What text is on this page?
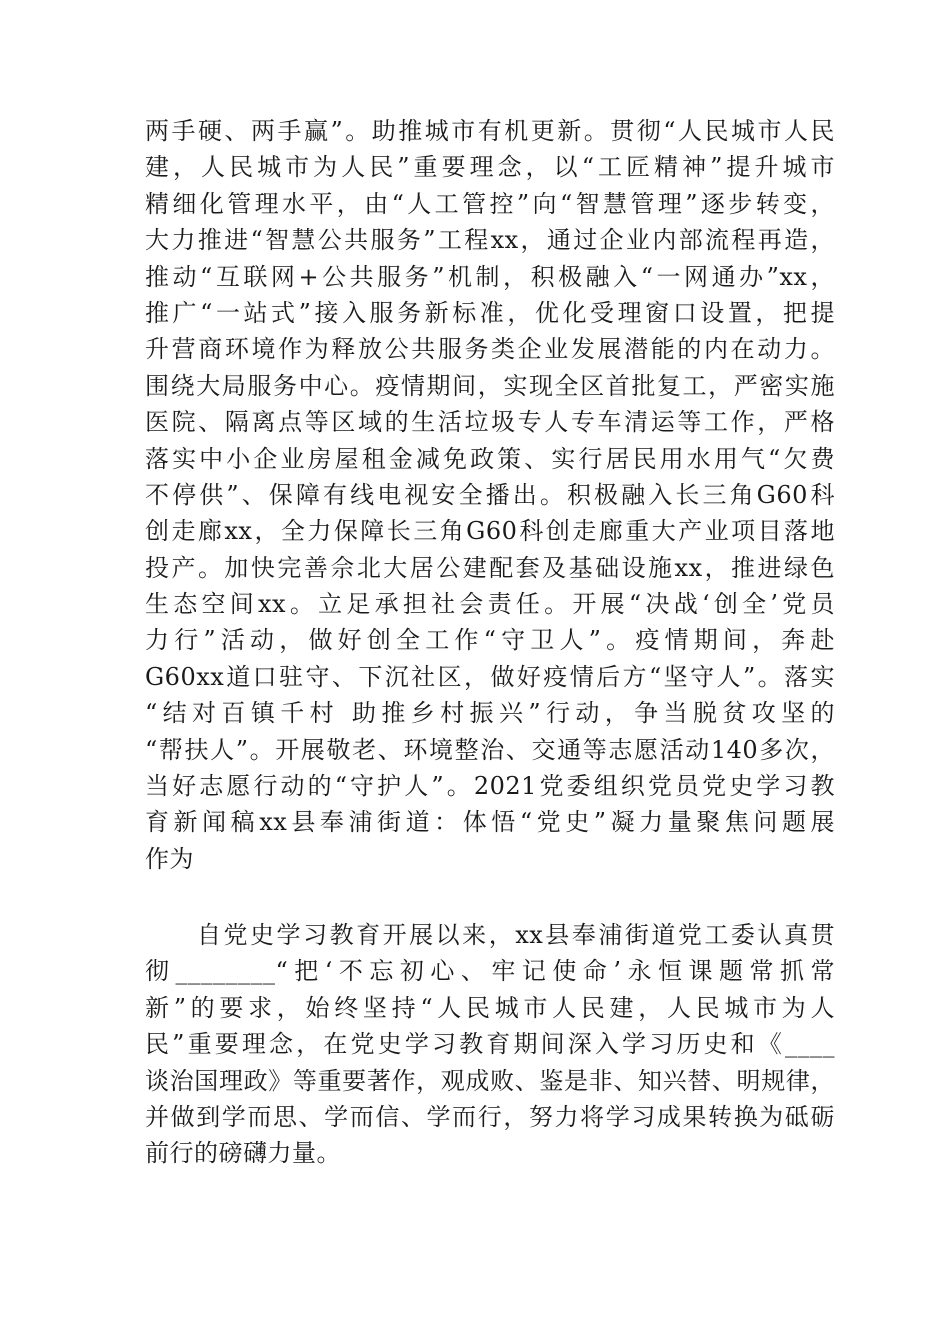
两手硬、两手赢”。助推城市有机更新。贯彻“人民城市人民
建，人民城市为人民”重要理念，以“工匠精神”提升城市
精细化管理水平，由“人工管控”向“智慧管理”逐步转变，
大力推进“智慧公共服务”工程xx，通过企业内部流程再造，
推动“互联网+公共服务”机制，积极融入“一网通办”xx，
推广“一站式”接入服务新标准，优化受理窗口设置，把提
升营商环境作为释放公共服务类企业发展潜能的内在动力。
围绕大局服务中心。疫情期间，实现全区首批复工，严密实施
医院、隔离点等区域的生活垃圾专人专车清运等工作，严格
落实中小企业房屋租金减免政策、实行居民用水用气“欠费
不停供”、保障有线电视安全播出。积极融入长三角G60科
创走廊xx，全力保障长三角G60科创走廊重大产业项目落地
投产。加快完善佘北大居公建配套及基础设施xx，推进绿色
生态空间xx。立足承担社会责任。开展“决战‘创全’党员
力行”活动，做好创全工作“守卫人”。疫情期间，奔赴
G60xx道口驻守、下沉社区，做好疫情后方“坚守人”。落实
“结对百镇千村 助推乡村振兴”行动，争当脱贫攻坚的
“帮扶人”。开展敬老、环境整治、交通等志愿活动140多次，
当好志愿行动的“守护人”。2021党委组织党员党史学习教
育新闻稿xx县奉浦街道：体悟“党史”凝力量聚焦问题展
作为
自党史学习教育开展以来，xx县奉浦街道党工委认真贯
彻________“把‘不忘初心、牢记使命’永恒课题常抓常
新”的要求，始终坚持“人民城市人民建，人民城市为人
民”重要理念，在党史学习教育期间深入学习历史和《____
谈治国理政》等重要著作，观成败、鉴是非、知兴替、明规律，
并做到学而思、学而信、学而行，努力将学习成果转换为砥砺
前行的磅礴力量。
